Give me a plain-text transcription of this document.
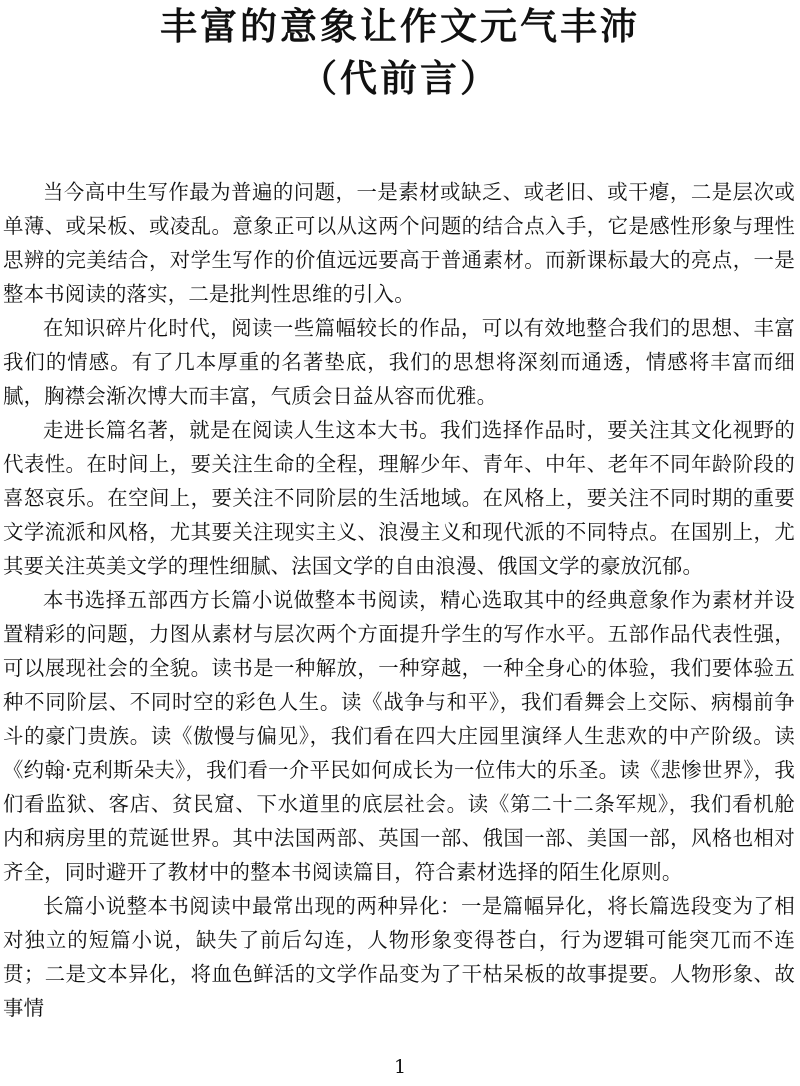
丰富的意象让作文元气丰沛
（代前言）

当今高中生写作最为普遍的问题，一是素材或缺乏、或老旧、或干瘪，二是层次或单薄、或呆板、或凌乱。意象正可以从这两个问题的结合点入手，它是感性形象与理性思辨的完美结合，对学生写作的价值远远要高于普通素材。而新课标最大的亮点，一是整本书阅读的落实，二是批判性思维的引入。

在知识碎片化时代，阅读一些篇幅较长的作品，可以有效地整合我们的思想、丰富我们的情感。有了几本厚重的名著垫底，我们的思想将深刻而通透，情感将丰富而细腻，胸襟会渐次博大而丰富，气质会日益从容而优雅。

走进长篇名著，就是在阅读人生这本大书。我们选择作品时，要关注其文化视野的代表性。在时间上，要关注生命的全程，理解少年、青年、中年、老年不同年龄阶段的喜怒哀乐。在空间上，要关注不同阶层的生活地域。在风格上，要关注不同时期的重要文学流派和风格，尤其要关注现实主义、浪漫主义和现代派的不同特点。在国别上，尤其要关注英美文学的理性细腻、法国文学的自由浪漫、俄国文学的豪放沉郁。

本书选择五部西方长篇小说做整本书阅读，精心选取其中的经典意象作为素材并设置精彩的问题，力图从素材与层次两个方面提升学生的写作水平。五部作品代表性强，可以展现社会的全貌。读书是一种解放，一种穿越，一种全身心的体验，我们要体验五种不同阶层、不同时空的彩色人生。读《战争与和平》，我们看舞会上交际、病榻前争斗的豪门贵族。读《傲慢与偏见》，我们看在四大庄园里演绎人生悲欢的中产阶级。读《约翰·克利斯朵夫》，我们看一介平民如何成长为一位伟大的乐圣。读《悲惨世界》，我们看监狱、客店、贫民窟、下水道里的底层社会。读《第二十二条军规》，我们看机舱内和病房里的荒诞世界。其中法国两部、英国一部、俄国一部、美国一部，风格也相对齐全，同时避开了教材中的整本书阅读篇目，符合素材选择的陌生化原则。

长篇小说整本书阅读中最常出现的两种异化：一是篇幅异化，将长篇选段变为了相对独立的短篇小说，缺失了前后勾连，人物形象变得苍白，行为逻辑可能突兀而不连贯；二是文本异化，将血色鲜活的文学作品变为了干枯呆板的故事提要。人物形象、故事情

1
